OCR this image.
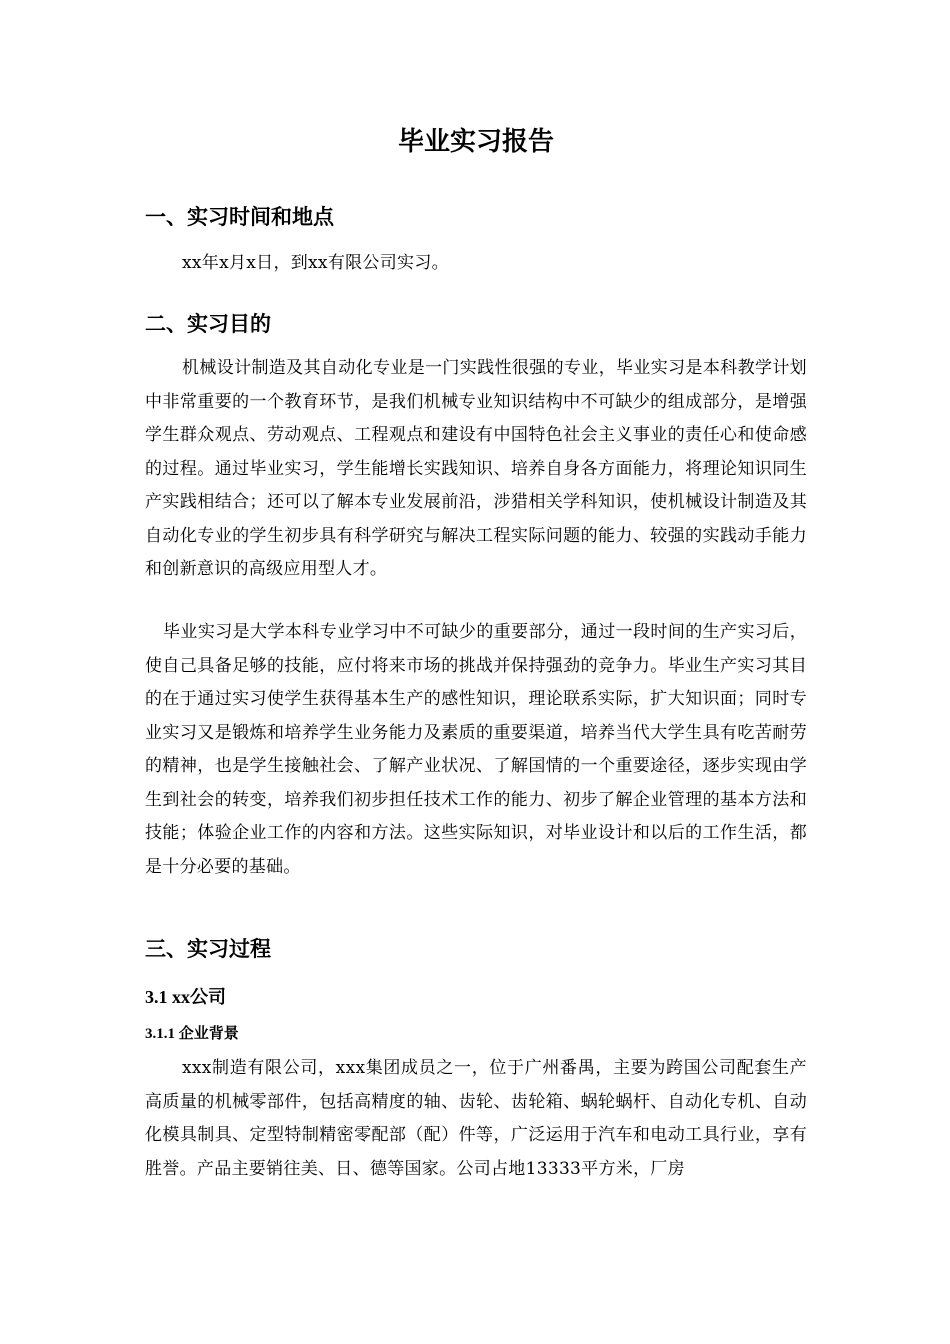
毕业实习报告
一、实习时间和地点

xx年x月x日，到xx有限公司实习。

二、实习目的

机械设计制造及其自动化专业是一门实践性很强的专业，毕业实习是本科教学计划中非常重要的一个教育环节，是我们机械专业知识结构中不可缺少的组成部分，是增强学生群众观点、劳动观点、工程观点和建设有中国特色社会主义事业的责任心和使命感的过程。通过毕业实习，学生能增长实践知识、培养自身各方面能力，将理论知识同生产实践相结合；还可以了解本专业发展前沿，涉猎相关学科知识，使机械设计制造及其自动化专业的学生初步具有科学研究与解决工程实际问题的能力、较强的实践动手能力和创新意识的高级应用型人才。

毕业实习是大学本科专业学习中不可缺少的重要部分，通过一段时间的生产实习后，使自己具备足够的技能，应付将来市场的挑战并保持强劲的竞争力。毕业生产实习其目的在于通过实习使学生获得基本生产的感性知识，理论联系实际，扩大知识面；同时专业实习又是锻炼和培养学生业务能力及素质的重要渠道，培养当代大学生具有吃苦耐劳的精神，也是学生接触社会、了解产业状况、了解国情的一个重要途径，逐步实现由学生到社会的转变，培养我们初步担任技术工作的能力、初步了解企业管理的基本方法和技能；体验企业工作的内容和方法。这些实际知识，对毕业设计和以后的工作生活，都是十分必要的基础。

三、实习过程
3.1 xx公司
3.1.1 企业背景

xxx制造有限公司，xxx集团成员之一，位于广州番禺，主要为跨国公司配套生产高质量的机械零部件，包括高精度的轴、齿轮、齿轮箱、蜗轮蜗杆、自动化专机、自动化模具制具、定型特制精密零配部（配）件等，广泛运用于汽车和电动工具行业，享有胜誉。产品主要销往美、日、德等国家。公司占地13333平方米，厂房
